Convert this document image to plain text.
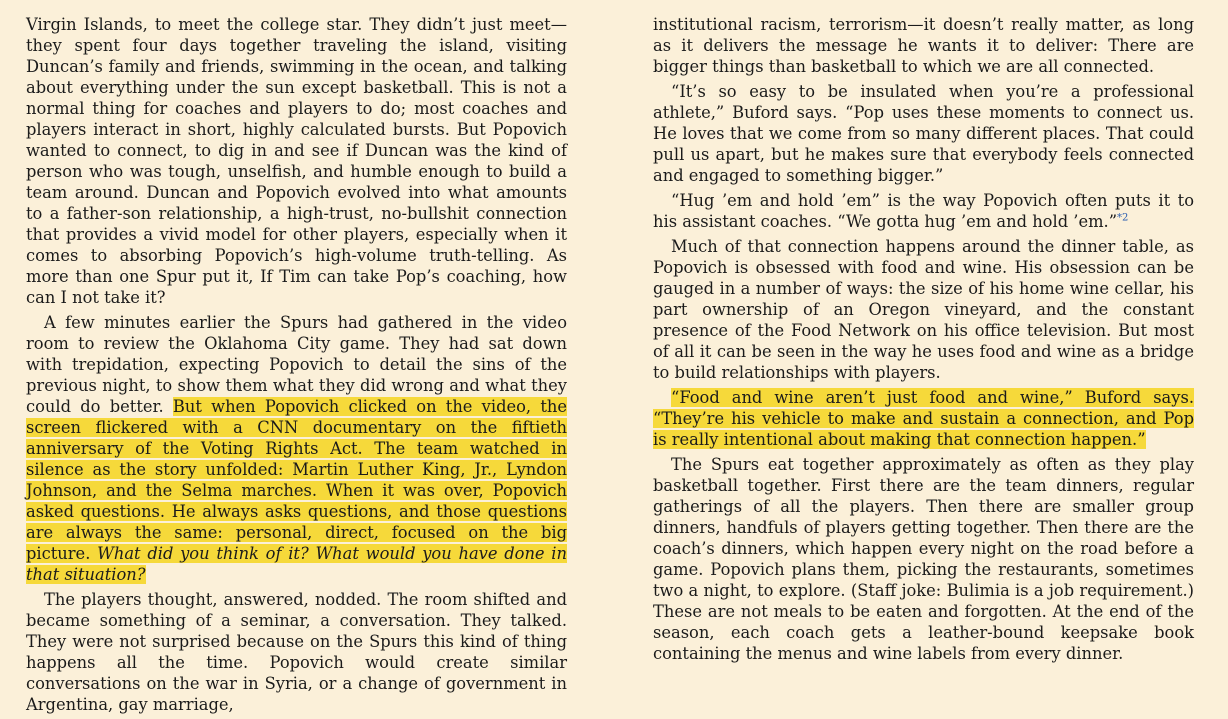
Virgin Islands, to meet the college star. They didn’t just meet—they spent four days together traveling the island, visiting Duncan’s family and friends, swimming in the ocean, and talking about everything under the sun except basketball. This is not a normal thing for coaches and players to do; most coaches and players interact in short, highly calculated bursts. But Popovich wanted to connect, to dig in and see if Duncan was the kind of person who was tough, unselfish, and humble enough to build a team around. Duncan and Popovich evolved into what amounts to a father-son relationship, a high-trust, no-bullshit connection that provides a vivid model for other players, especially when it comes to absorbing Popovich’s high-volume truth-telling. As more than one Spur put it, If Tim can take Pop’s coaching, how can I not take it?

A few minutes earlier the Spurs had gathered in the video room to review the Oklahoma City game. They had sat down with trepidation, expecting Popovich to detail the sins of the previous night, to show them what they did wrong and what they could do better. But when Popovich clicked on the video, the screen flickered with a CNN documentary on the fiftieth anniversary of the Voting Rights Act. The team watched in silence as the story unfolded: Martin Luther King, Jr., Lyndon Johnson, and the Selma marches. When it was over, Popovich asked questions. He always asks questions, and those questions are always the same: personal, direct, focused on the big picture. What did you think of it? What would you have done in that situation?

The players thought, answered, nodded. The room shifted and became something of a seminar, a conversation. They talked. They were not surprised because on the Spurs this kind of thing happens all the time. Popovich would create similar conversations on the war in Syria, or a change of government in Argentina, gay marriage,

institutional racism, terrorism—it doesn’t really matter, as long as it delivers the message he wants it to deliver: There are bigger things than basketball to which we are all connected.

“It’s so easy to be insulated when you’re a professional athlete,” Buford says. “Pop uses these moments to connect us. He loves that we come from so many different places. That could pull us apart, but he makes sure that everybody feels connected and engaged to something bigger.”

“Hug ’em and hold ’em” is the way Popovich often puts it to his assistant coaches. “We gotta hug ’em and hold ’em.”$^{*2}$

Much of that connection happens around the dinner table, as Popovich is obsessed with food and wine. His obsession can be gauged in a number of ways: the size of his home wine cellar, his part ownership of an Oregon vineyard, and the constant presence of the Food Network on his office television. But most of all it can be seen in the way he uses food and wine as a bridge to build relationships with players.

“Food and wine aren’t just food and wine,” Buford says. “They’re his vehicle to make and sustain a connection, and Pop is really intentional about making that connection happen.”

The Spurs eat together approximately as often as they play basketball together. First there are the team dinners, regular gatherings of all the players. Then there are smaller group dinners, handfuls of players getting together. Then there are the coach’s dinners, which happen every night on the road before a game. Popovich plans them, picking the restaurants, sometimes two a night, to explore. (Staff joke: Bulimia is a job requirement.) These are not meals to be eaten and forgotten. At the end of the season, each coach gets a leather-bound keepsake book containing the menus and wine labels from every dinner.
